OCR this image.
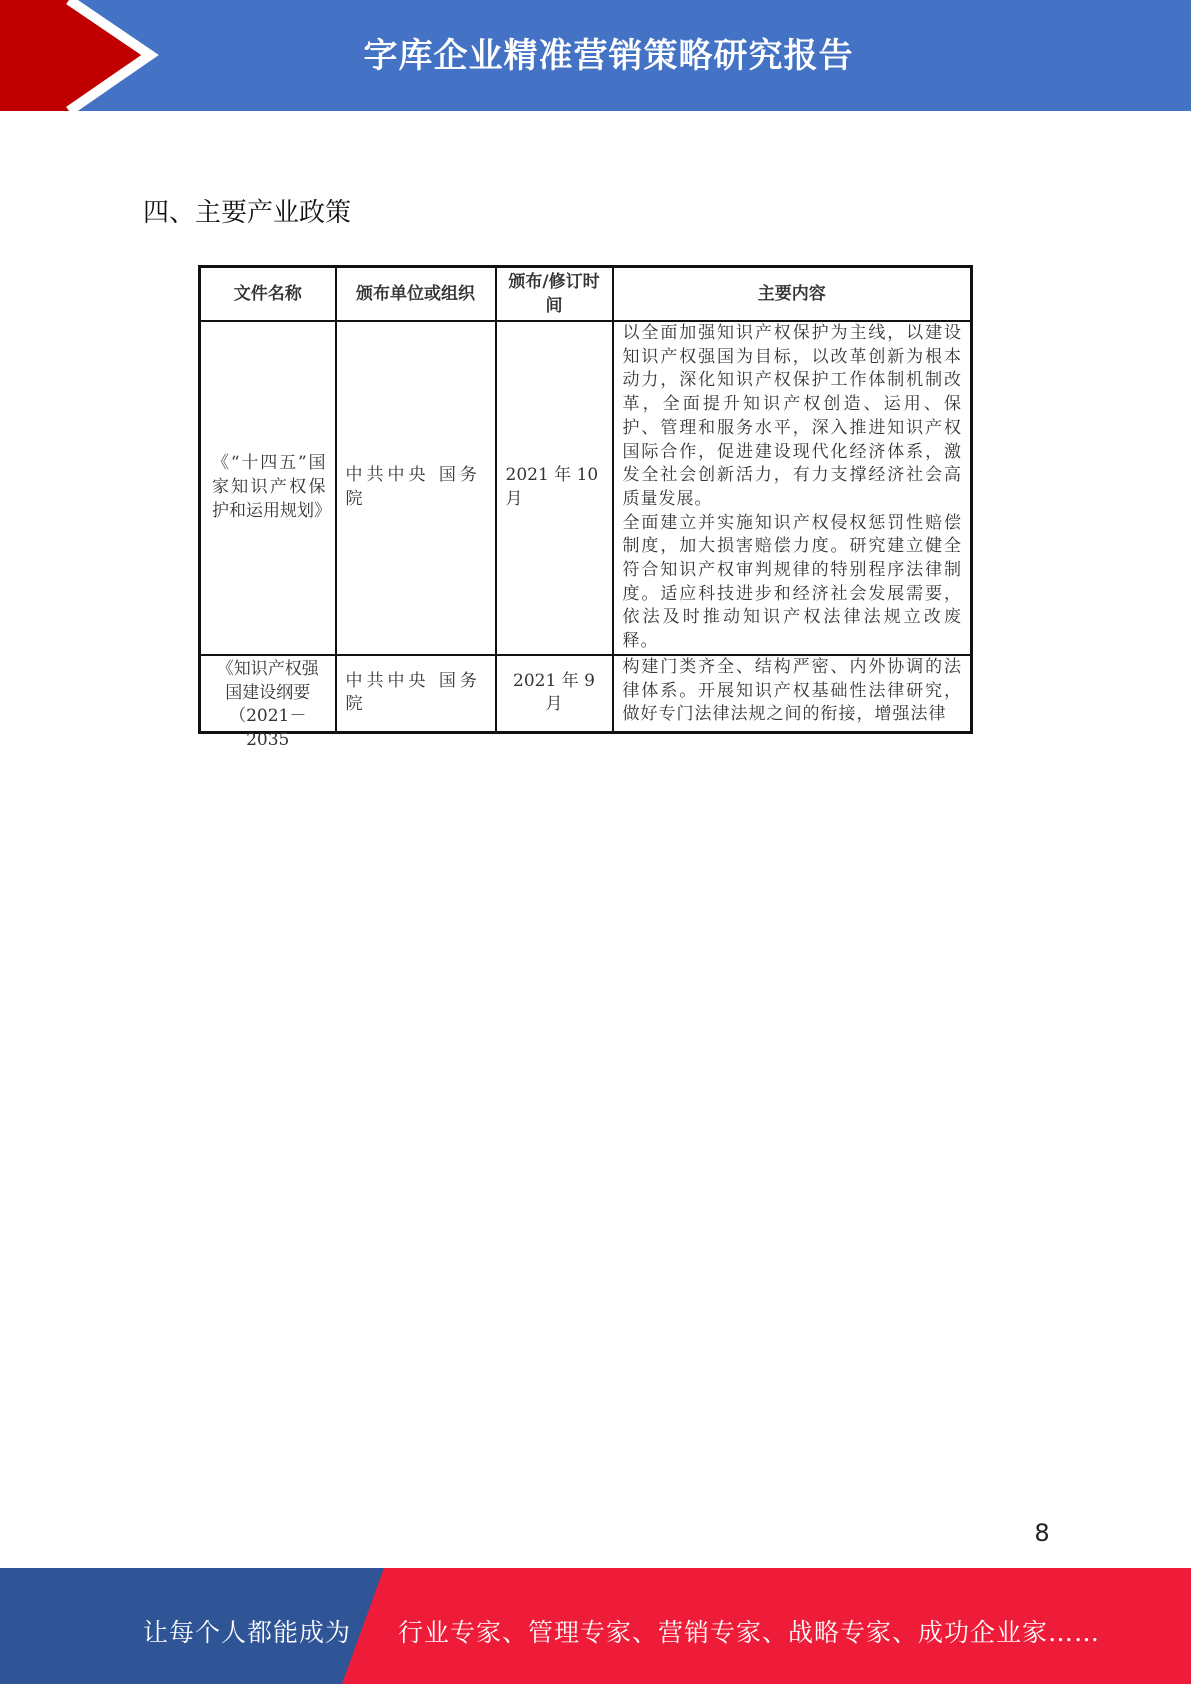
字库企业精准营销策略研究报告
四、主要产业政策
文件名称	颁布单位或组织	颁布/修订时间	主要内容
《“十四五”国家知识产权保护和运用规划》	中共中央 国务院	2021 年 10 月	以全面加强知识产权保护为主线，以建设知识产权强国为目标，以改革创新为根本动力，深化知识产权保护工作体制机制改革，全面提升知识产权创造、运用、保护、管理和服务水平，深入推进知识产权国际合作，促进建设现代化经济体系，激发全社会创新活力，有力支撑经济社会高质量发展。

全面建立并实施知识产权侵权惩罚性赔偿制度，加大损害赔偿力度。研究建立健全符合知识产权审判规律的特别程序法律制度。适应科技进步和经济社会发展需要，依法及时推动知识产权法律法规立改废释。

《知识产权强国建设纲要（2021－2035	中共中央 国务院	2021 年 9 月	构建门类齐全、结构严密、内外协调的法律体系。开展知识产权基础性法律研究，做好专门法律法规之间的衔接，增强法律
8
让每个人都能成为 行业专家、管理专家、营销专家、战略专家、成功企业家……
